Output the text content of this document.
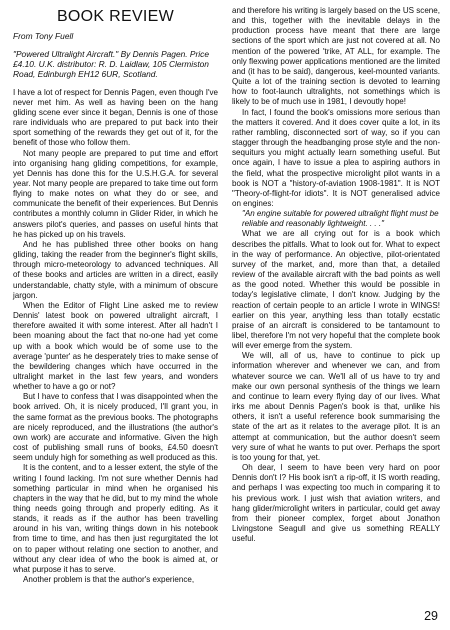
BOOK REVIEW
From Tony Fuell
"Powered Ultralight Aircraft." By Dennis Pagen. Price £4.10. U.K. distributor: R. D. Laidlaw, 105 Clermiston Road, Edinburgh EH12 6UR, Scotland.

I have a lot of respect for Dennis Pagen, even though I've never met him. As well as having been on the hang gliding scene ever since it began, Dennis is one of those rare individuals who are prepared to put back into their sport something of the rewards they get out of it, for the benefit of those who follow them.

Not many people are prepared to put time and effort into organising hang gliding competitions, for example, yet Dennis has done this for the U.S.H.G.A. for several year. Not many people are prepared to take time out form flying to make notes on what they do or see, and communicate the benefit of their experiences. But Dennis contributes a monthly column in Glider Rider, in which he answers pilot's queries, and passes on useful hints that he has picked up on his travels.

And he has published three other books on hang gliding, taking the reader from the beginner's flight skills, through micro-meteorology to advanced techniques. All of these books and articles are written in a direct, easily understandable, chatty style, with a minimum of obscure jargon.

When the Editor of Flight Line asked me to review Dennis' latest book on powered ultralight aircraft, I therefore awaited it with some interest. After all hadn't I been moaning about the fact that no-one had yet come up with a book which would be of some use to the average 'punter' as he desperately tries to make sense of the bewildering changes which have occurred in the ultralight market in the last few years, and wonders whether to have a go or not?

But I have to confess that I was disappointed when the book arrived. Oh, it is nicely produced, I'll grant you, in the same format as the previous books. The photographs are nicely reproduced, and the illustrations (the author's own work) are accurate and informative. Given the high cost of publishing small runs of books, £4.50 doesn't seem unduly high for something as well produced as this.

It is the content, and to a lesser extent, the style of the writing I found lacking. I'm not sure whether Dennis had something particular in mind when he organised his chapters in the way that he did, but to my mind the whole thing needs going through and properly editing. As it stands, it reads as if the author has been travelling around in his van, writing things down in his notebook from time to time, and has then just regurgitated the lot on to paper without relating one section to another, and without any clear idea of who the book is aimed at, or what purpose it has to serve.

Another problem is that the author's experience,

and therefore his writing is largely based on the US scene, and this, together with the inevitable delays in the production process have meant that there are large sections of the sport which are just not covered at all. No mention of the powered 'trike, AT ALL, for example. The only flexwing power applications mentioned are the limited and (it has to be said), dangerous, keel-mounted variants. Quite a lot of the training section is devoted to learning how to foot-launch ultralights, not somethings which is likely to be of much use in 1981, I devoutly hope!

In fact, I found the book's omissions more serious than the matters it covered. And it does cover quite a lot, in its rather rambling, disconnected sort of way, so if you can stagger through the headbanging prose style and the non-sequiturs you might actually learn something useful. But once again, I have to issue a plea to aspiring authors in the field, what the prospective microlight pilot wants in a book is NOT a "history-of-aviation 1908-1981". It is NOT "Theory-of-flight-for idiots". It is NOT generalised advice on engines:

"An engine suitable for powered ultralight flight must be reliable and reasonably lightweight. . . ."

What we are all crying out for is a book which describes the pitfalls. What to look out for. What to expect in the way of performance. An objective, pilot-orientated survey of the market, and, more than that, a detailed review of the available aircraft with the bad points as well as the good noted. Whether this would be possible in today's legislative climate, I don't know. Judging by the reaction of certain people to an article I wrote in WINGS! earlier on this year, anything less than totally ecstatic praise of an aircraft is considered to be tantamount to libel, therefore I'm not very hopeful that the complete book will ever emerge from the system.

We will, all of us, have to continue to pick up information wherever and whenever we can, and from whatever source we can. We'll all of us have to try and make our own personal synthesis of the things we learn and continue to learn every flying day of our lives. What irks me about Dennis Pagen's book is that, unlike his others, it isn't a useful reference book summarising the state of the art as it relates to the average pilot. It is an attempt at communication, but the author doesn't seem very sure of what he wants to put over. Perhaps the sport is too young for that, yet.

Oh dear, I seem to have been very hard on poor Dennis don't I? His book isn't a rip-off, it IS worth reading, and perhaps I was expecting too much in comparing it to his previous work. I just wish that aviation writers, and hang glider/microlight writers in particular, could get away from their pioneer complex, forget about Jonathon Livingstone Seagull and give us something REALLY useful.

29
